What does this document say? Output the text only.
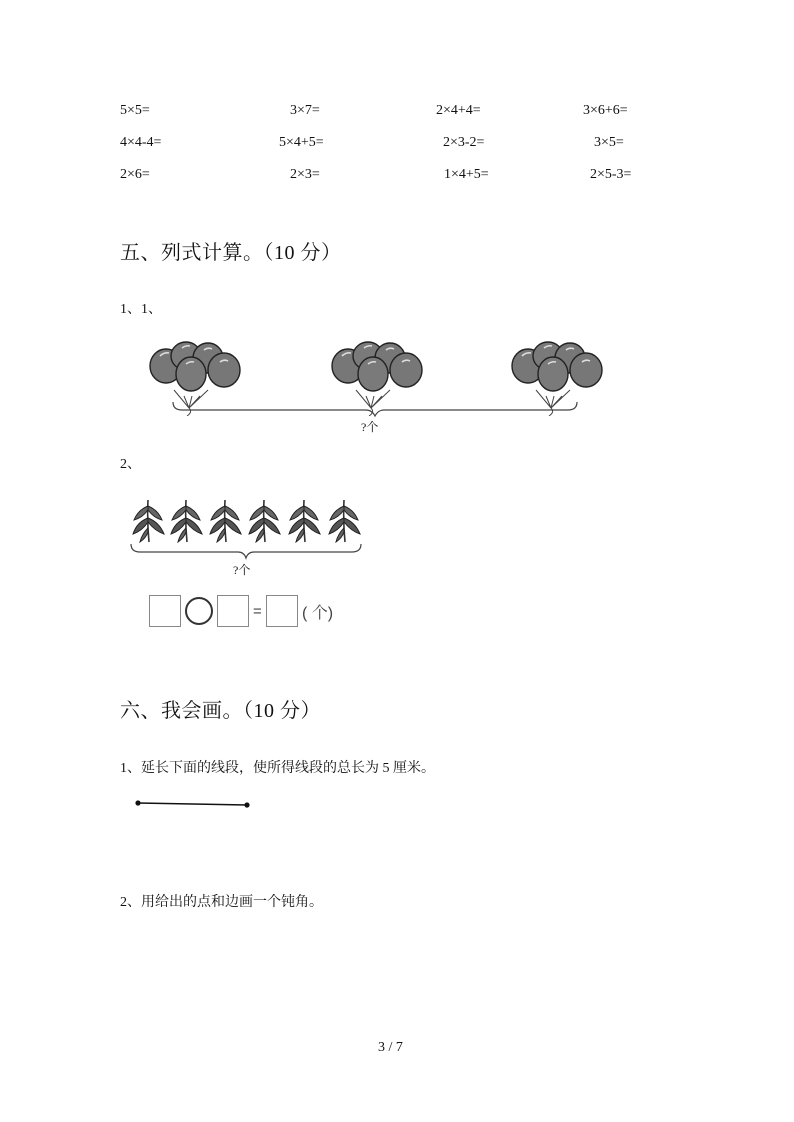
5×5=	3×7=	2×4+4=	3×6+6=
4×4-4=	5×4+5=	2×3-2=	3×5=
2×6=	2×3=	1×4+5=	2×5-3=
五、列式计算。（10 分）
1、1、
?个
2、
?个
=	( 个)
六、我会画。（10 分）
1、延长下面的线段，使所得线段的总长为 5 厘米。
2、用给出的点和边画一个钝角。
3 / 7
